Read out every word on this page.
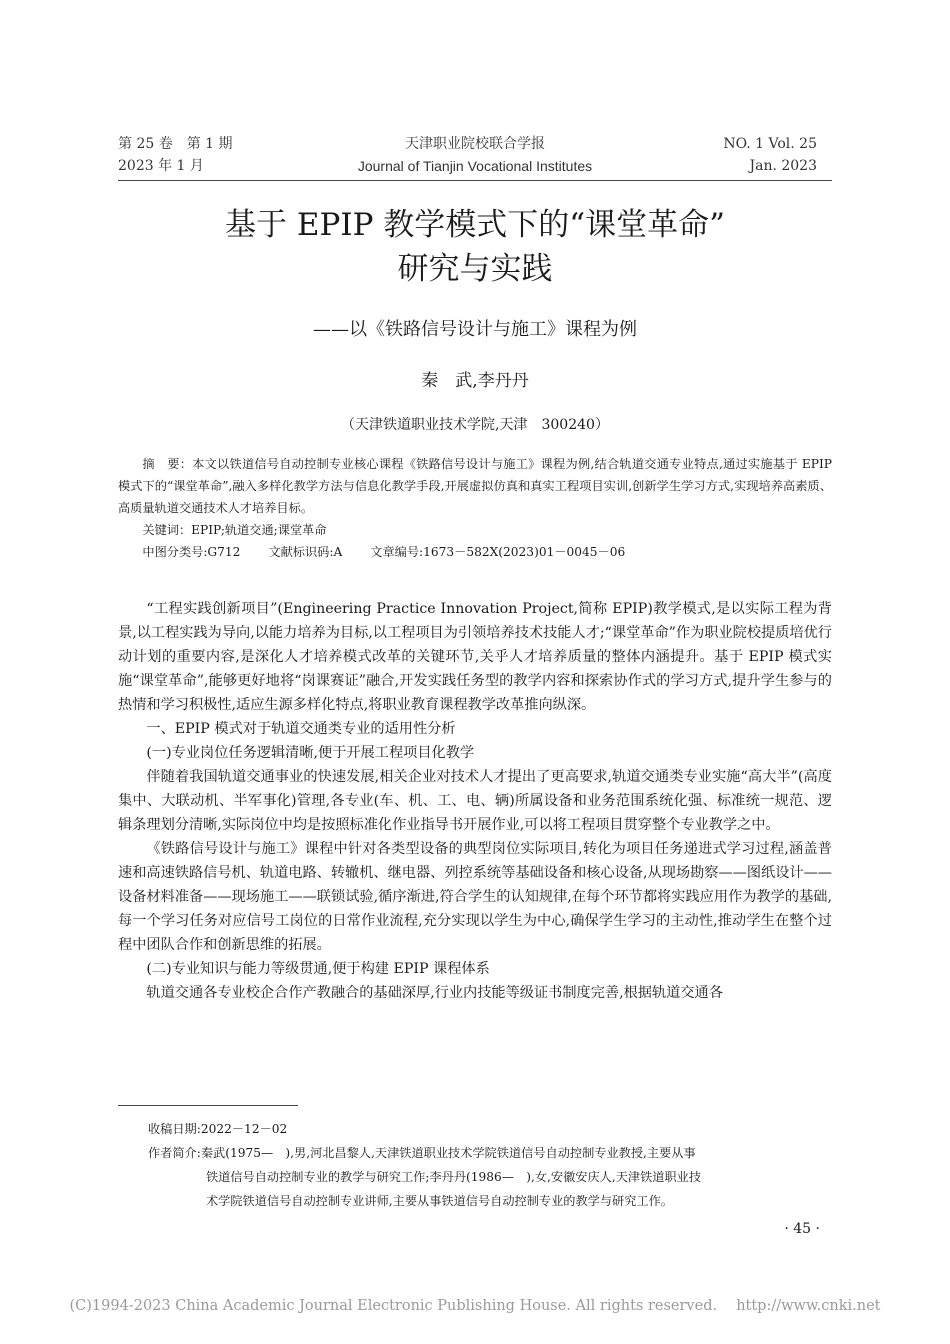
第 25 卷　第 1 期
2023 年 1 月
天津职业院校联合学报
Journal of Tianjin Vocational Institutes
NO. 1 Vol. 25
Jan. 2023
基于 EPIP 教学模式下的“课堂革命”
研究与实践
——以《铁路信号设计与施工》课程为例
秦　武,李丹丹
（天津铁道职业技术学院,天津　300240）
摘　要：本文以铁道信号自动控制专业核心课程《铁路信号设计与施工》课程为例,结合轨道交通专业特点,通过实施基于 EPIP 模式下的“课堂革命”,融入多样化教学方法与信息化教学手段,开展虚拟仿真和真实工程项目实训,创新学生学习方式,实现培养高素质、高质量轨道交通技术人才培养目标。
关键词：EPIP;轨道交通;课堂革命
中图分类号:G712 文献标识码:A 文章编号:1673－582X(2023)01－0045－06

“工程实践创新项目”(Engineering Practice Innovation Project,简称 EPIP)教学模式,是以实际工程为背景,以工程实践为导向,以能力培养为目标,以工程项目为引领培养技术技能人才;“课堂革命”作为职业院校提质培优行动计划的重要内容,是深化人才培养模式改革的关键环节,关乎人才培养质量的整体内涵提升。基于 EPIP 模式实施“课堂革命”,能够更好地将“岗课赛证”融合,开发实践任务型的教学内容和探索协作式的学习方式,提升学生参与的热情和学习积极性,适应生源多样化特点,将职业教育课程教学改革推向纵深。

一、EPIP 模式对于轨道交通类专业的适用性分析

(一)专业岗位任务逻辑清晰,便于开展工程项目化教学

伴随着我国轨道交通事业的快速发展,相关企业对技术人才提出了更高要求,轨道交通类专业实施“高大半”(高度集中、大联动机、半军事化)管理,各专业(车、机、工、电、辆)所属设备和业务范围系统化强、标准统一规范、逻辑条理划分清晰,实际岗位中均是按照标准化作业指导书开展作业,可以将工程项目贯穿整个专业教学之中。

《铁路信号设计与施工》课程中针对各类型设备的典型岗位实际项目,转化为项目任务递进式学习过程,涵盖普速和高速铁路信号机、轨道电路、转辙机、继电器、列控系统等基础设备和核心设备,从现场勘察——图纸设计——设备材料准备——现场施工——联锁试验,循序渐进,符合学生的认知规律,在每个环节都将实践应用作为教学的基础,每一个学习任务对应信号工岗位的日常作业流程,充分实现以学生为中心,确保学生学习的主动性,推动学生在整个过程中团队合作和创新思维的拓展。

(二)专业知识与能力等级贯通,便于构建 EPIP 课程体系

轨道交通各专业校企合作产教融合的基础深厚,行业内技能等级证书制度完善,根据轨道交通各

收稿日期:2022－12－02
作者简介:秦武(1975—　),男,河北昌黎人,天津铁道职业技术学院铁道信号自动控制专业教授,主要从事
铁道信号自动控制专业的教学与研究工作;李丹丹(1986—　),女,安徽安庆人,天津铁道职业技
术学院铁道信号自动控制专业讲师,主要从事铁道信号自动控制专业的教学与研究工作。
· 45 ·
(C)1994-2023 China Academic Journal Electronic Publishing House. All rights reserved.　 http://www.cnki.net
